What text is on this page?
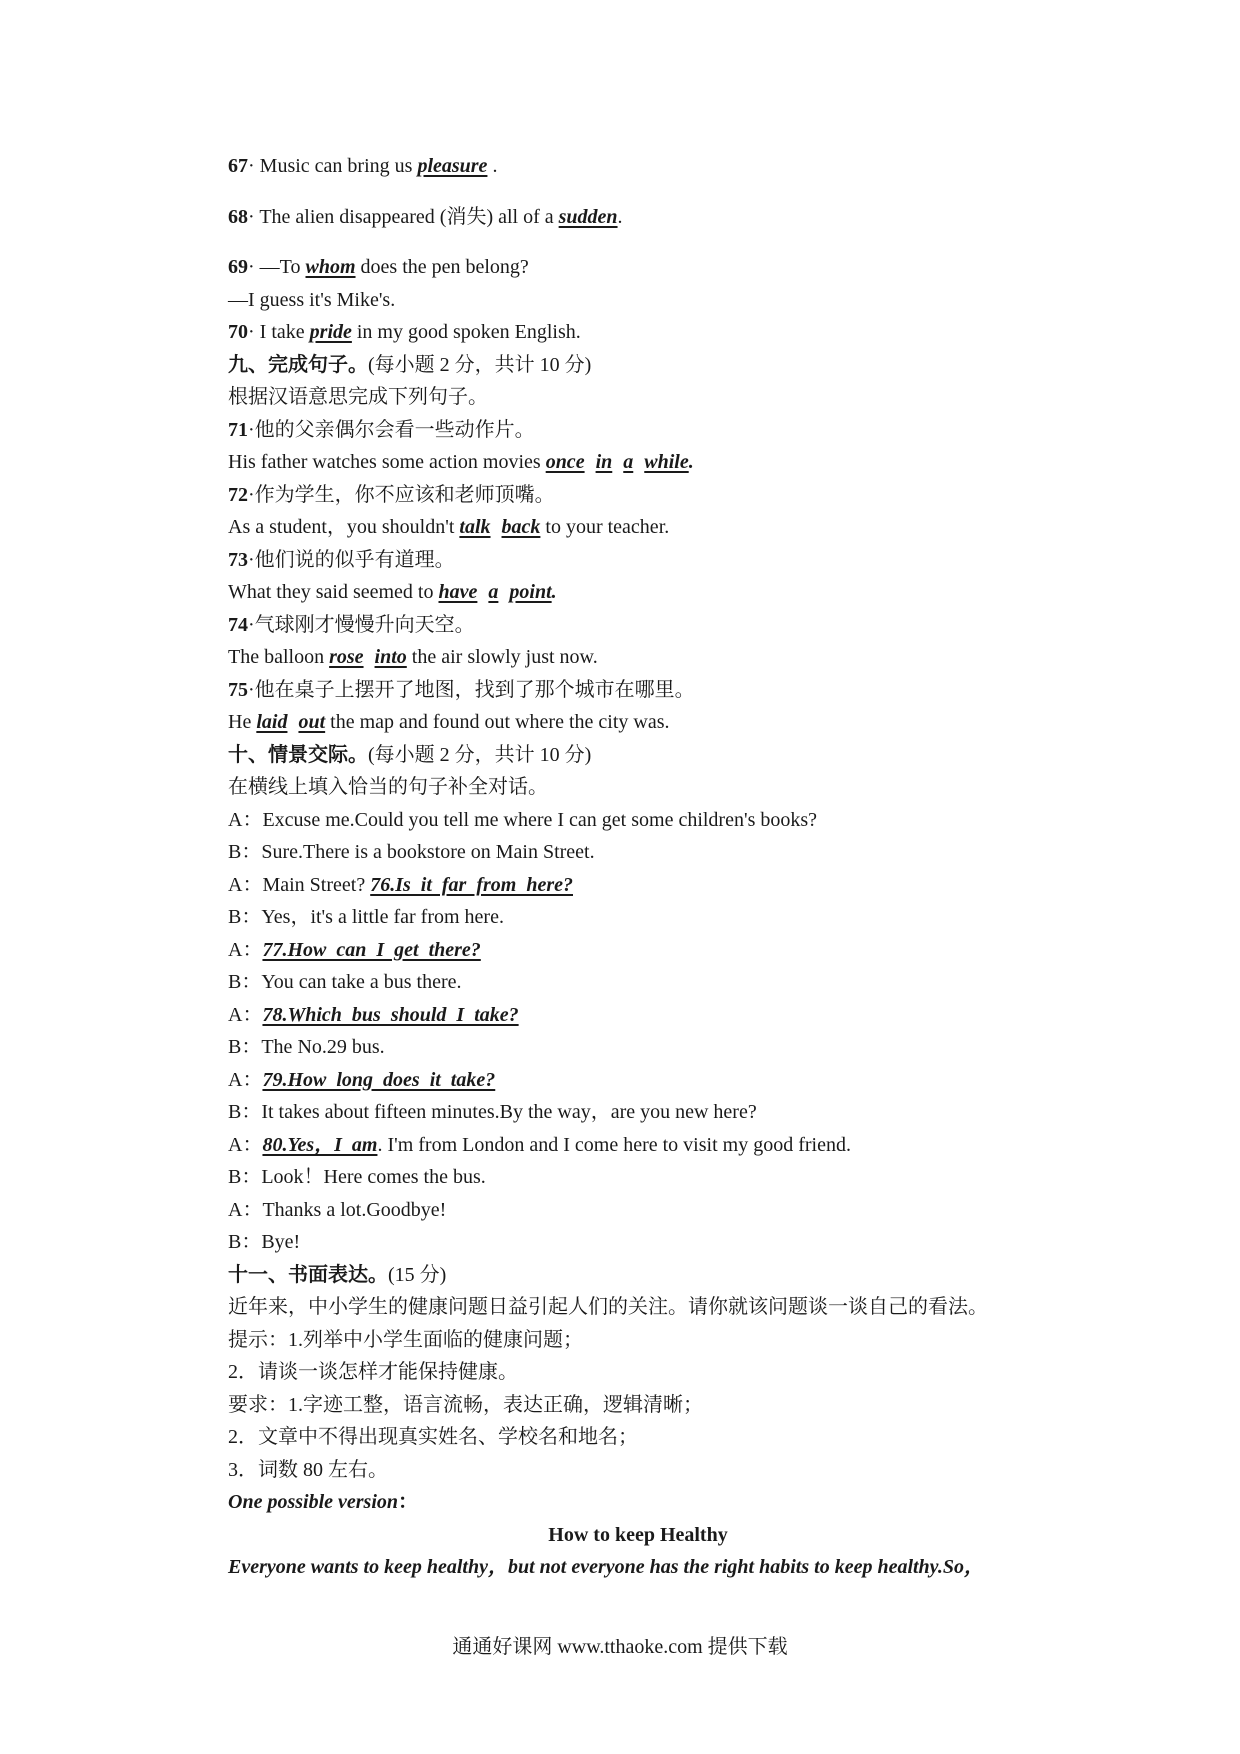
67· Music can bring us pleasure .
68· The alien disappeared (消失) all of a sudden.
69· —To whom does the pen belong?
—I guess it's Mike's.
70· I take pride in my good spoken English.
九、完成句子。(每小题 2 分，共计 10 分)
根据汉语意思完成下列句子。
71·他的父亲偶尔会看一些动作片。
His father watches some action movies once in a while.
72·作为学生，你不应该和老师顶嘴。
As a student，you shouldn't talk back to your teacher.
73·他们说的似乎有道理。
What they said seemed to have a point.
74·气球刚才慢慢升向天空。
The balloon rose into the air slowly just now.
75·他在桌子上摆开了地图，找到了那个城市在哪里。
He laid out the map and found out where the city was.
十、情景交际。(每小题 2 分，共计 10 分)
在横线上填入恰当的句子补全对话。
A：Excuse me.Could you tell me where I can get some children's books?
B：Sure.There is a bookstore on Main Street.
A：Main Street? 76.Is  it  far  from  here?
B：Yes，it's a little far from here.
A：77.How  can  I  get  there?
B：You can take a bus there.
A：78.Which  bus  should  I  take?
B：The No.29 bus.
A：79.How  long  does  it  take?
B：It takes about fifteen minutes.By the way，are you new here?
A：80.Yes，I  am. I'm from London and I come here to visit my good friend.
B：Look！Here comes the bus.
A：Thanks a lot.Goodbye!
B：Bye!
十一、书面表达。(15 分)
近年来，中小学生的健康问题日益引起人们的关注。请你就该问题谈一谈自己的看法。
提示：1.列举中小学生面临的健康问题；
2．请谈一谈怎样才能保持健康。
要求：1.字迹工整，语言流畅，表达正确，逻辑清晰；
2．文章中不得出现真实姓名、学校名和地名；
3．词数 80 左右。
One possible version：
How to keep Healthy
Everyone wants to keep healthy，but not everyone has the right habits to keep healthy.So，
通通好课网 www.tthaoke.com 提供下载
